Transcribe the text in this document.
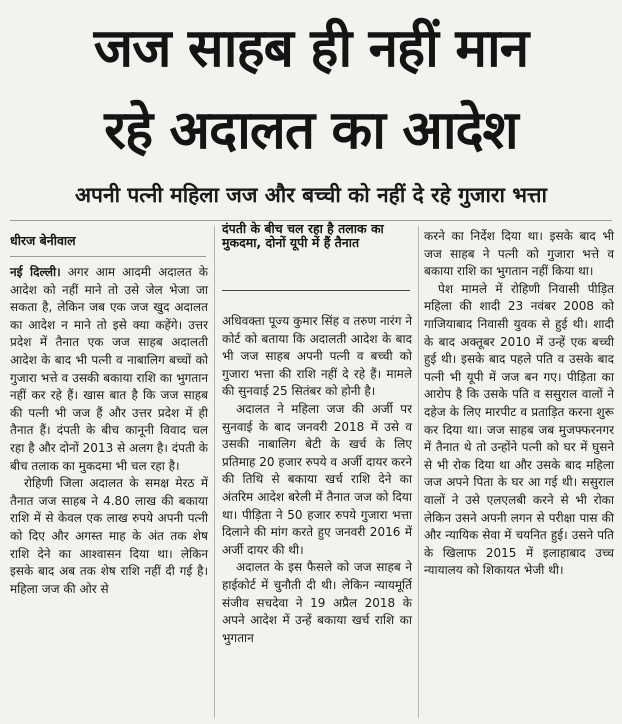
जज साहब ही नहीं मान
रहे अदालत का आदेश
अपनी पत्नी महिला जज और बच्ची को नहीं दे रहे गुजारा भत्ता
धीरज बेनीवाल
दंपती के बीच चल रहा है तलाक का मुकदमा, दोनों यूपी में हैं तैनात

नई दिल्ली। अगर आम आदमी अदालत के आदेश को नहीं माने तो उसे जेल भेजा जा सकता है, लेकिन जब एक जज खुद अदालत का आदेश न माने तो इसे क्या कहेंगे। उत्तर प्रदेश में तैनात एक जज साहब अदालती आदेश के बाद भी पत्नी व नाबालिग बच्चों को गुजारा भत्ते व उसकी बकाया राशि का भुगतान नहीं कर रहे हैं। खास बात है कि जज साहब की पत्नी भी जज हैं और उत्तर प्रदेश में ही तैनात हैं। दंपती के बीच कानूनी विवाद चल रहा है और दोनों 2013 से अलग है। दंपती के बीच तलाक का मुकदमा भी चल रहा है।

रोहिणी जिला अदालत के समक्ष मेरठ में तैनात जज साहब ने 4.80 लाख की बकाया राशि में से केवल एक लाख रुपये अपनी पत्नी को दिए और अगस्त माह के अंत तक शेष राशि देने का आश्वासन दिया था। लेकिन इसके बाद अब तक शेष राशि नहीं दी गई है। महिला जज की ओर से

अधिवक्ता पूज्य कुमार सिंह व तरुण नारंग ने कोर्ट को बताया कि अदालती आदेश के बाद भी जज साहब अपनी पत्नी व बच्ची को गुजारा भत्ता की राशि नहीं दे रहे हैं। मामले की सुनवाई 25 सितंबर को होनी है।

अदालत ने महिला जज की अर्जी पर सुनवाई के बाद जनवरी 2018 में उसे व उसकी नाबालिग बेटी के खर्च के लिए प्रतिमाह 20 हजार रुपये व अर्जी दायर करने की तिथि से बकाया खर्च राशि देने का अंतरिम आदेश बरेली में तैनात जज को दिया था। पीड़िता ने 50 हजार रुपये गुजारा भत्ता दिलाने की मांग करते हुए जनवरी 2016 में अर्जी दायर की थी।

अदालत के इस फैसले को जज साहब ने हाईकोर्ट में चुनौती दी थी। लेकिन न्यायमूर्ति संजीव सचदेवा ने 19 अप्रैल 2018 के अपने आदेश में उन्हें बकाया खर्च राशि का भुगतान

करने का निर्देश दिया था। इसके बाद भी जज साहब ने पत्नी को गुजारा भत्ते व बकाया राशि का भुगतान नहीं किया था।

पेश मामले में रोहिणी निवासी पीड़ित महिला की शादी 23 नवंबर 2008 को गाजियाबाद निवासी युवक से हुई थी। शादी के बाद अक्तूबर 2010 में उन्हें एक बच्ची हुई थी। इसके बाद पहले पति व उसके बाद पत्नी भी यूपी में जज बन गए। पीड़िता का आरोप है कि उसके पति व ससुराल वालों ने दहेज के लिए मारपीट व प्रताड़ित करना शुरू कर दिया था। जज साहब जब मुजफ्फरनगर में तैनात थे तो उन्होंने पत्नी को घर में घुसने से भी रोक दिया था और उसके बाद महिला जज अपने पिता के घर आ गई थी। ससुराल वालों ने उसे एलएलबी करने से भी रोका लेकिन उसने अपनी लगन से परीक्षा पास की और न्यायिक सेवा में चयनित हुई। उसने पति के खिलाफ 2015 में इलाहाबाद उच्च न्यायालय को शिकायत भेजी थी।
